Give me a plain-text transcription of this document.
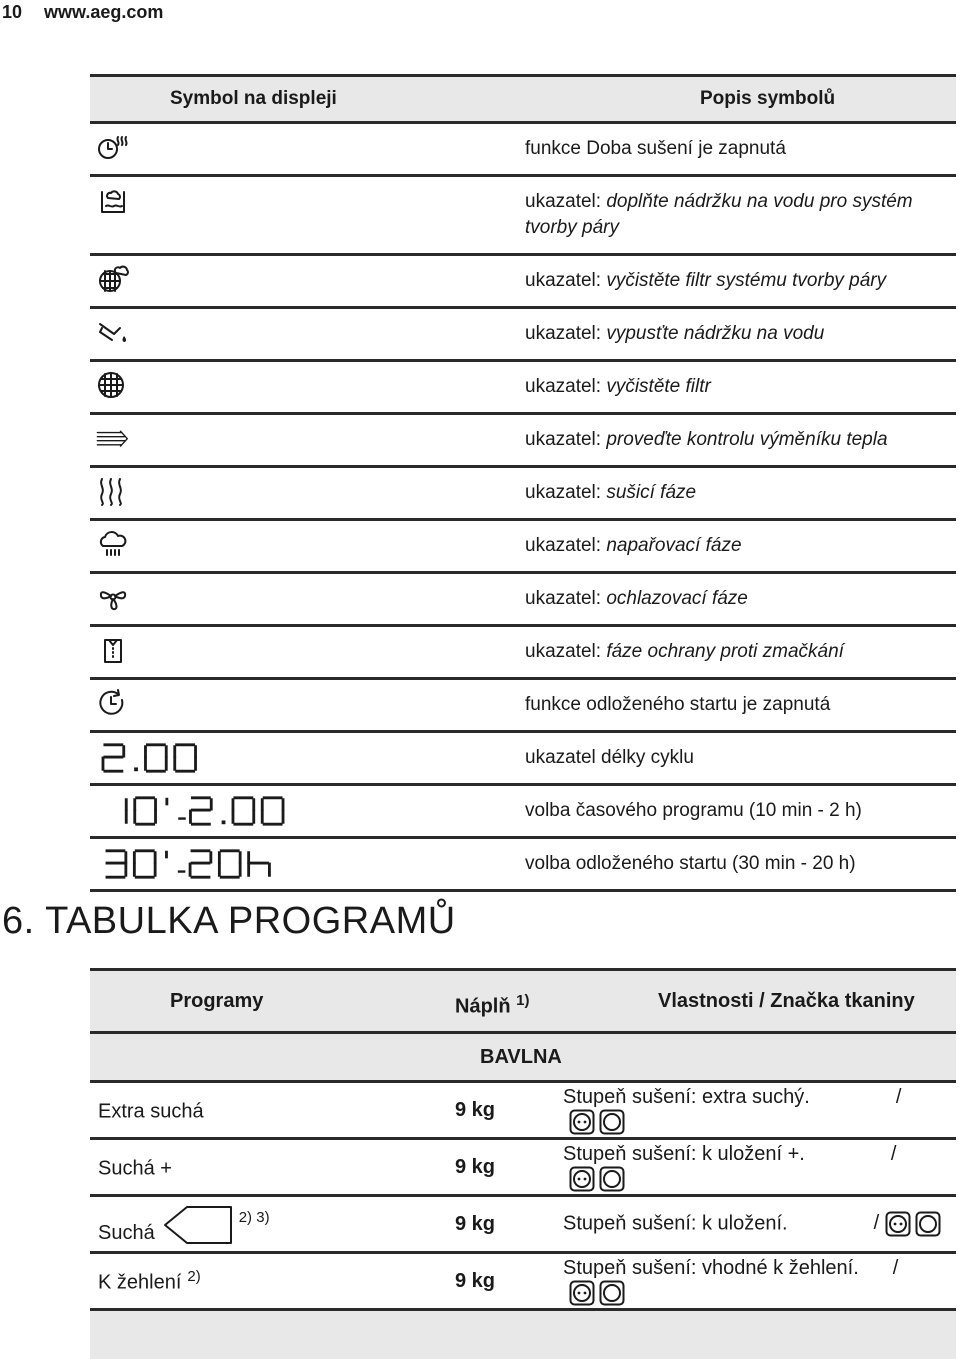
10 www.aeg.com
Symbol na displeji	Popis symbolů

	funkce Doba sušení je zapnutá

	ukazatel: doplňte nádržku na vodu pro systém tvorby páry

	ukazatel: vyčistěte filtr systému tvorby páry

	ukazatel: vypusťte nádržku na vodu

	ukazatel: vyčistěte filtr

	ukazatel: proveďte kontrolu výměníku tepla

	ukazatel: sušicí fáze

	ukazatel: napařovací fáze

	ukazatel: ochlazovací fáze

	ukazatel: fáze ochrany proti zmačkání

	funkce odloženého startu je zapnutá

	ukazatel délky cyklu

	volba časového programu (10 min - 2 h)

	volba odloženého startu (30 min - 20 h)
6. TABULKA PROGRAMŮ
Programy	Náplň $^{1)}$	Vlastnosti / Značka tkaniny
BAVLNA		
Extra suchá	9 kg	Stupeň sušení: extra suchý. /

Suchá +	9 kg	Stupeň sušení: k uložení +. /

Suchá$^{2) 3)}$	9 kg	Stupeň sušení: k uložení. /

K žehlení $^{2)}$	9 kg	Stupeň sušení: vhodné k žehlení. /
